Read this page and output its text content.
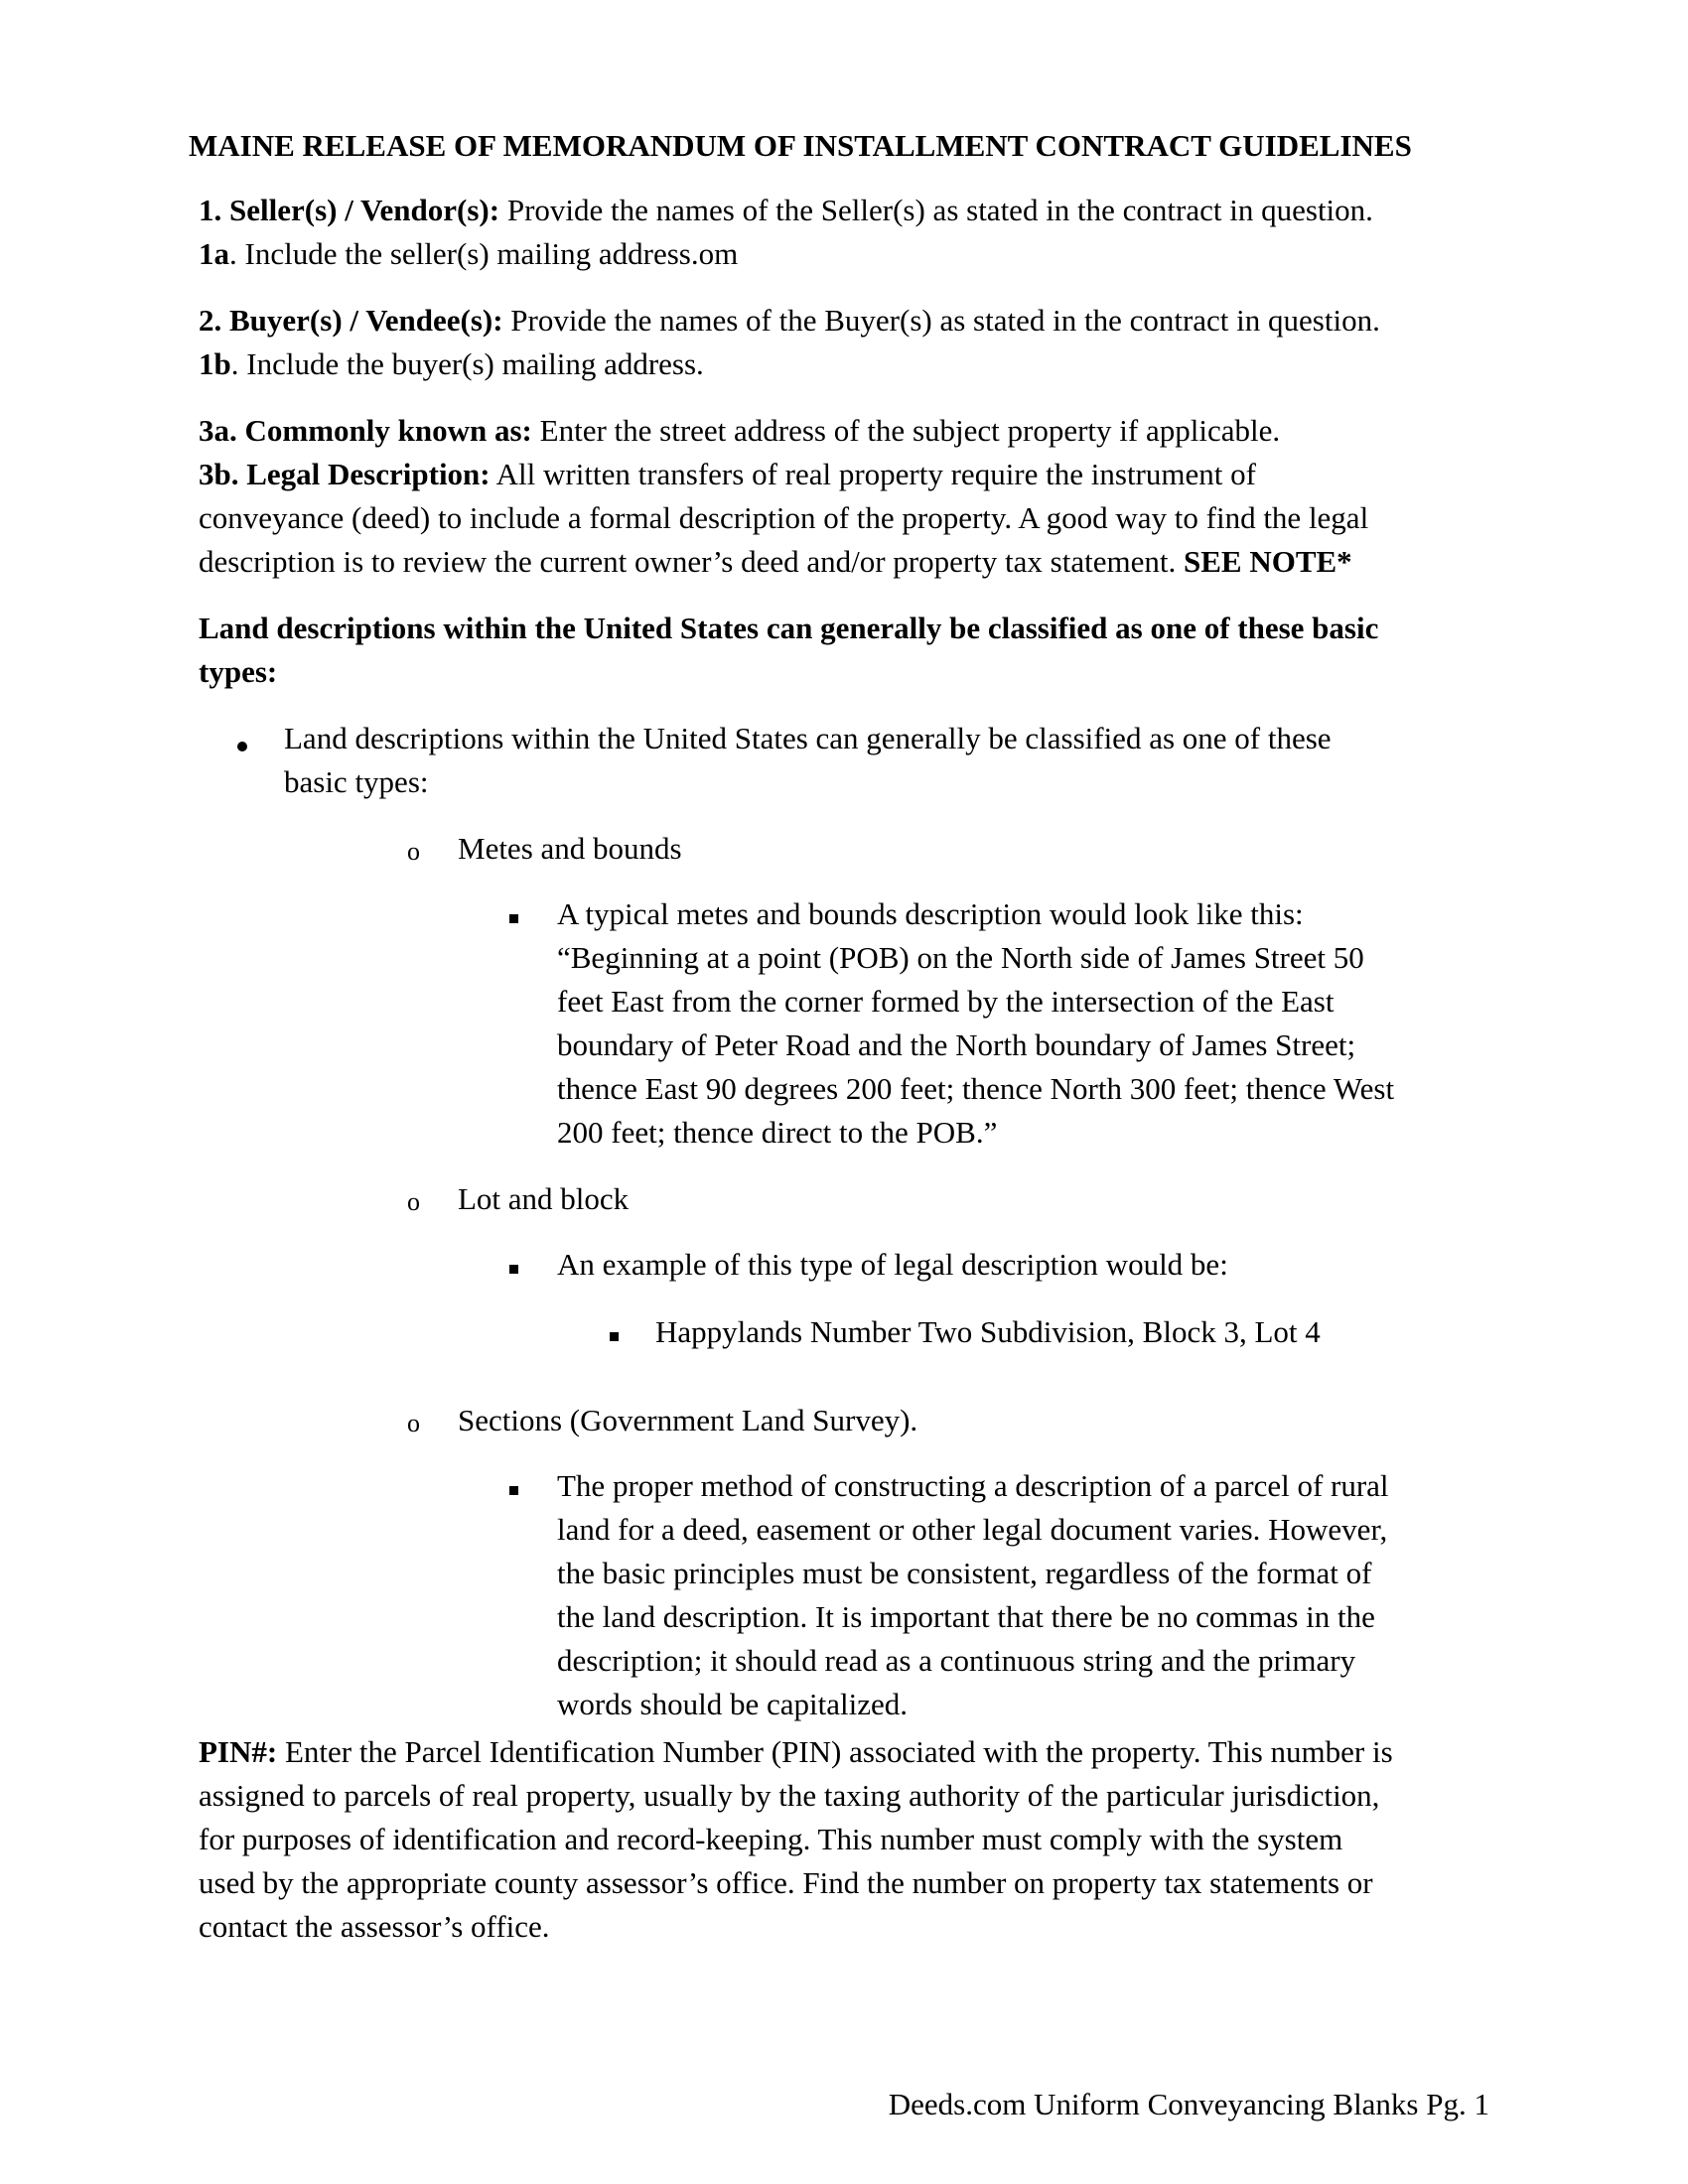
MAINE RELEASE OF MEMORANDUM OF INSTALLMENT CONTRACT GUIDELINES
1. Seller(s) / Vendor(s): Provide the names of the Seller(s) as stated in the contract in question.
1a. Include the seller(s) mailing address.om
2. Buyer(s) / Vendee(s): Provide the names of the Buyer(s) as stated in the contract in question.
1b. Include the buyer(s) mailing address.
3a. Commonly known as: Enter the street address of the subject property if applicable.
3b. Legal Description: All written transfers of real property require the instrument of
conveyance (deed) to include a formal description of the property. A good way to find the legal
description is to review the current owner’s deed and/or property tax statement. SEE NOTE*
Land descriptions within the United States can generally be classified as one of these basic
types:
Land descriptions within the United States can generally be classified as one of these
basic types:
o Metes and bounds
A typical metes and bounds description would look like this:
“Beginning at a point (POB) on the North side of James Street 50
feet East from the corner formed by the intersection of the East
boundary of Peter Road and the North boundary of James Street;
thence East 90 degrees 200 feet; thence North 300 feet; thence West
200 feet; thence direct to the POB.”
o Lot and block
An example of this type of legal description would be:
Happylands Number Two Subdivision, Block 3, Lot 4
o Sections (Government Land Survey).
The proper method of constructing a description of a parcel of rural
land for a deed, easement or other legal document varies. However,
the basic principles must be consistent, regardless of the format of
the land description. It is important that there be no commas in the
description; it should read as a continuous string and the primary
words should be capitalized.
PIN#: Enter the Parcel Identification Number (PIN) associated with the property. This number is
assigned to parcels of real property, usually by the taxing authority of the particular jurisdiction,
for purposes of identification and record-keeping. This number must comply with the system
used by the appropriate county assessor’s office. Find the number on property tax statements or
contact the assessor’s office.
Deeds.com Uniform Conveyancing Blanks Pg. 1
